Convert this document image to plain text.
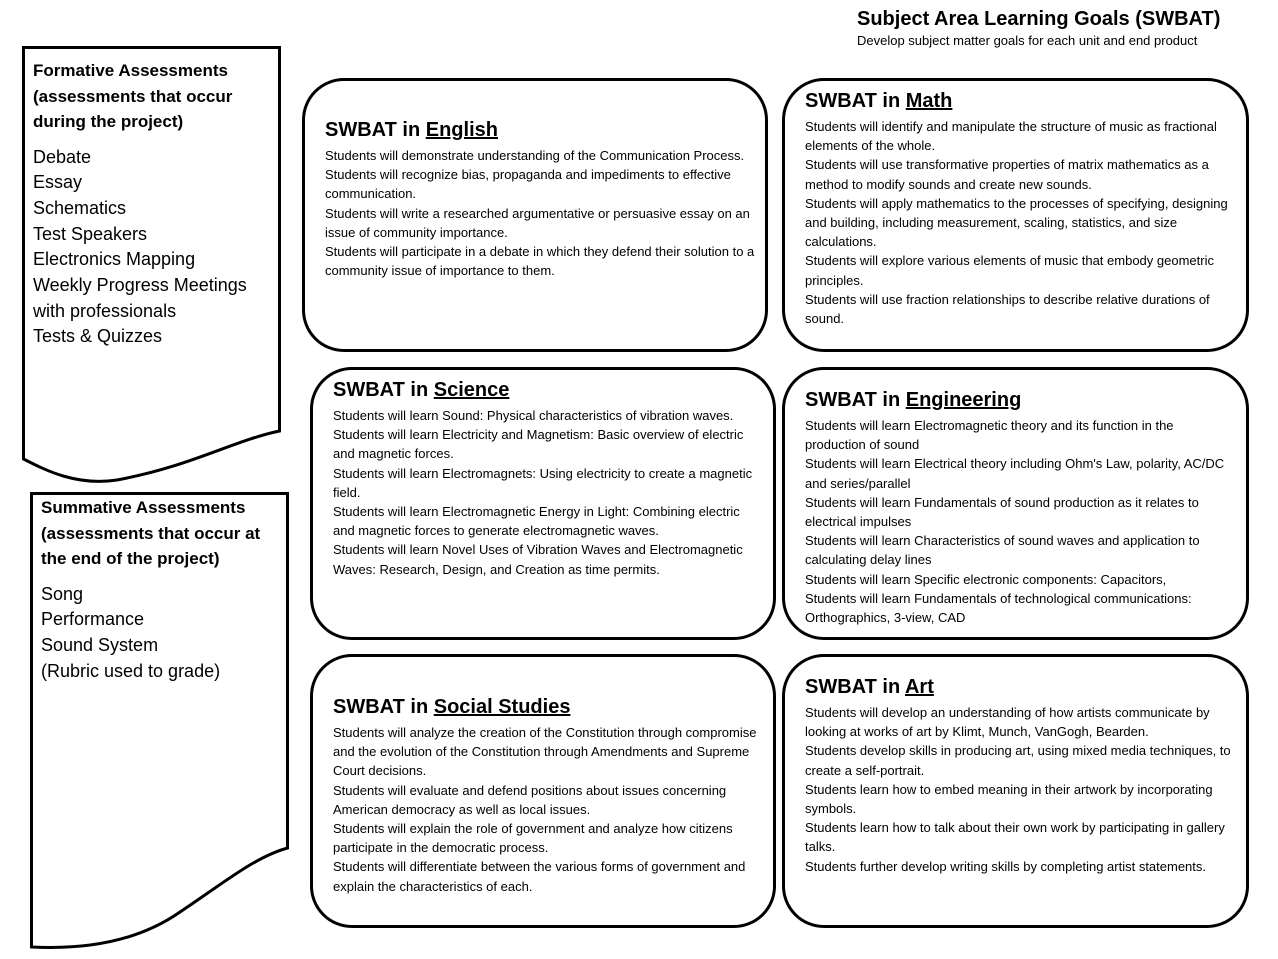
Subject Area Learning Goals (SWBAT)
Develop subject matter goals for each unit and end product
Formative Assessments (assessments that occur during the project)
Debate
Essay
Schematics
Test Speakers
Electronics Mapping
Weekly Progress Meetings
with professionals
Tests & Quizzes
Summative Assessments (assessments that occur at the end of the project)
Song
Performance
Sound System
(Rubric used to grade)
SWBAT in English
Students will demonstrate understanding of the Communication Process.
Students will recognize bias, propaganda and impediments to effective communication.
Students will write a researched argumentative or persuasive essay on an issue of community importance.
Students will participate in a debate in which they defend their solution to a community issue of importance to them.
SWBAT in Math
Students will identify and manipulate the structure of music as fractional elements of the whole.
Students will use transformative properties of matrix mathematics as a method to modify sounds and create new sounds.
Students will apply mathematics to the processes of specifying, designing and building, including measurement, scaling, statistics, and size calculations.
Students will explore various elements of music that embody geometric principles.
Students will use fraction relationships to describe relative durations of sound.
SWBAT in Science
Students will learn Sound: Physical characteristics of vibration waves.
Students will learn Electricity and Magnetism: Basic overview of electric and magnetic forces.
Students will learn Electromagnets: Using electricity to create a magnetic field.
Students will learn Electromagnetic Energy in Light: Combining electric and magnetic forces to generate electromagnetic waves.
Students will learn Novel Uses of Vibration Waves and Electromagnetic Waves: Research, Design, and Creation as time permits.
SWBAT in Engineering
Students will learn Electromagnetic theory and its function in the production of sound
Students will learn Electrical theory including Ohm's Law, polarity, AC/DC and series/parallel
Students will learn Fundamentals of sound production as it relates to electrical impulses
Students will learn Characteristics of sound waves and application to calculating delay lines
Students will learn Specific electronic components: Capacitors,
Students will learn Fundamentals of technological communications: Orthographics, 3-view, CAD
SWBAT in Social Studies
Students will analyze the creation of the Constitution through compromise and the evolution of the Constitution through Amendments and Supreme Court decisions.
Students will evaluate and defend positions about issues concerning American democracy as well as local issues.
Students will explain the role of government and analyze how citizens participate in the democratic process.
Students will differentiate between the various forms of government and explain the characteristics of each.
SWBAT in Art
Students will develop an understanding of how artists communicate by looking at works of art by Klimt, Munch, VanGogh, Bearden.
Students develop skills in producing art, using mixed media techniques, to create a self-portrait.
Students learn how to embed meaning in their artwork by incorporating symbols.
Students learn how to talk about their own work by participating in gallery talks.
Students further develop writing skills by completing artist statements.
